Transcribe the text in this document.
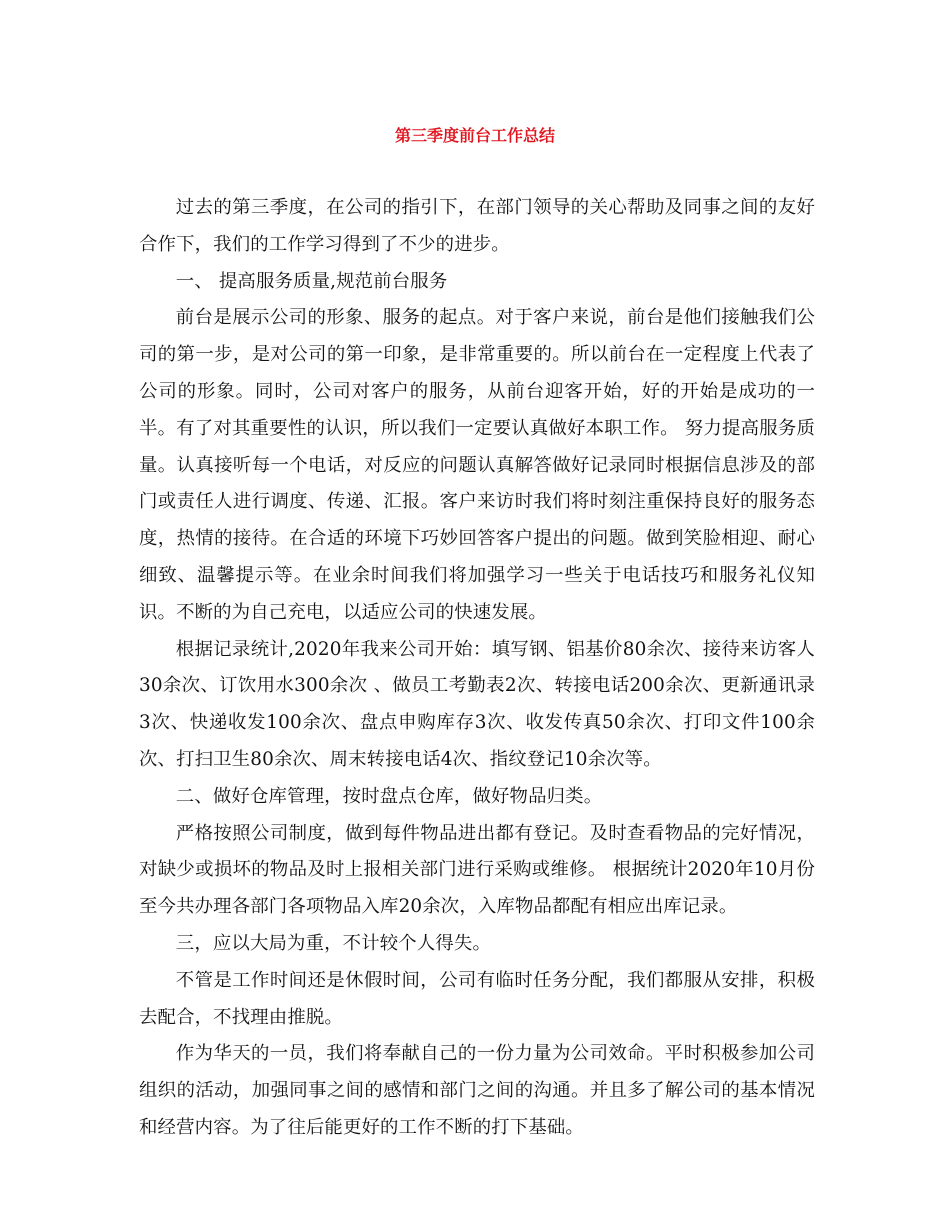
第三季度前台工作总结

过去的第三季度，在公司的指引下，在部门领导的关心帮助及同事之间的友好合作下，我们的工作学习得到了不少的进步。

一、 提高服务质量,规范前台服务

前台是展示公司的形象、服务的起点。对于客户来说，前台是他们接触我们公司的第一步，是对公司的第一印象，是非常重要的。所以前台在一定程度上代表了公司的形象。同时，公司对客户的服务，从前台迎客开始，好的开始是成功的一半。有了对其重要性的认识，所以我们一定要认真做好本职工作。 努力提高服务质量。认真接听每一个电话，对反应的问题认真解答做好记录同时根据信息涉及的部门或责任人进行调度、传递、汇报。客户来访时我们将时刻注重保持良好的服务态度，热情的接待。在合适的环境下巧妙回答客户提出的问题。做到笑脸相迎、耐心细致、温馨提示等。在业余时间我们将加强学习一些关于电话技巧和服务礼仪知识。不断的为自己充电，以适应公司的快速发展。

根据记录统计,2020年我来公司开始：填写钢、铝基价80余次、接待来访客人30余次、订饮用水300余次 、做员工考勤表2次、转接电话200余次、更新通讯录3次、快递收发100余次、盘点申购库存3次、收发传真50余次、打印文件100余次、打扫卫生80余次、周末转接电话4次、指纹登记10余次等。

二、做好仓库管理，按时盘点仓库，做好物品归类。

严格按照公司制度，做到每件物品进出都有登记。及时查看物品的完好情况，对缺少或损坏的物品及时上报相关部门进行采购或维修。 根据统计2020年10月份至今共办理各部门各项物品入库20余次，入库物品都配有相应出库记录。

三，应以大局为重，不计较个人得失。

不管是工作时间还是休假时间，公司有临时任务分配，我们都服从安排，积极去配合，不找理由推脱。

作为华天的一员，我们将奉献自己的一份力量为公司效命。平时积极参加公司组织的活动，加强同事之间的感情和部门之间的沟通。并且多了解公司的基本情况和经营内容。为了往后能更好的工作不断的打下基础。
